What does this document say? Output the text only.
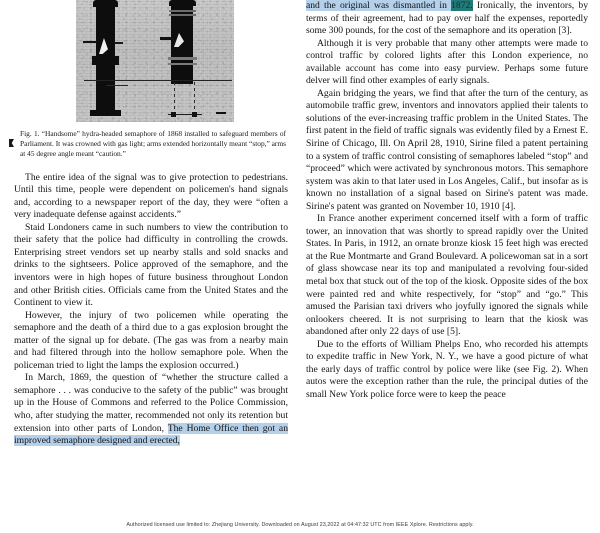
Fig. 1. “Handsome” hydra-headed semaphore of 1868 installed to safeguard members of Parliament. It was crowned with gas light; arms extended horizontally meant “stop,” arms at 45 degree angle meant “caution.”

The entire idea of the signal was to give protection to pedestrians. Until this time, people were dependent on policemen's hand signals and, according to a newspaper report of the day, they were “often a very inadequate defense against accidents.”

Staid Londoners came in such numbers to view the contribution to their safety that the police had difficulty in controlling the crowds. Enterprising street vendors set up nearby stalls and sold snacks and drinks to the sightseers. Police approved of the semaphore, and the inventors were in high hopes of future business throughout London and other British cities. Officials came from the United States and the Continent to view it.

However, the injury of two policemen while operating the semaphore and the death of a third due to a gas explosion brought the matter of the signal up for debate. (The gas was from a nearby main and had filtered through into the hollow semaphore pole. When the policeman tried to light the lamps the explosion occurred.)

In March, 1869, the question of “whether the structure called a semaphore . . . was conducive to the safety of the public” was brought up in the House of Commons and referred to the Police Commission, who, after studying the matter, recommended not only its retention but extension into other parts of London, The Home Office then got an improved semaphore designed and erected,

and the original was dismantled in 1872. Ironically, the inventors, by terms of their agreement, had to pay over half the expenses, reportedly some 300 pounds, for the cost of the semaphore and its operation [3].

Although it is very probable that many other attempts were made to control traffic by colored lights after this London experience, no available account has come into easy purview. Perhaps some future delver will find other examples of early signals.

Again bridging the years, we find that after the turn of the century, as automobile traffic grew, inventors and innovators applied their talents to solutions of the ever-increasing traffic problem in the United States. The first patent in the field of traffic signals was evidently filed by a Ernest E. Sirine of Chicago, Ill. On April 28, 1910, Sirine filed a patent pertaining to a system of traffic control consisting of semaphores labeled “stop” and “proceed” which were activated by synchronous motors. This semaphore system was akin to that later used in Los Angeles, Calif., but insofar as is known no installation of a signal based on Sirine's patent was made. Sirine's patent was granted on November 10, 1910 [4].

In France another experiment concerned itself with a form of traffic tower, an innovation that was shortly to spread rapidly over the United States. In Paris, in 1912, an ornate bronze kiosk 15 feet high was erected at the Rue Montmarte and Grand Boulevard. A policewoman sat in a sort of glass showcase near its top and manipulated a revolving four-sided metal box that stuck out of the top of the kiosk. Opposite sides of the box were painted red and white respectively, for “stop” and “go.” This amused the Parisian taxi drivers who joyfully ignored the signals while onlookers cheered. It is not surprising to learn that the kiosk was abandoned after only 22 days of use [5].

Due to the efforts of William Phelps Eno, who recorded his attempts to expedite traffic in New York, N. Y., we have a good picture of what the early days of traffic control by police were like (see Fig. 2). When autos were the exception rather than the rule, the principal duties of the small New York police force were to keep the peace

Authorized licensed use limited to: Zhejiang University. Downloaded on August 23,2022 at 04:47:32 UTC from IEEE Xplore. Restrictions apply.
